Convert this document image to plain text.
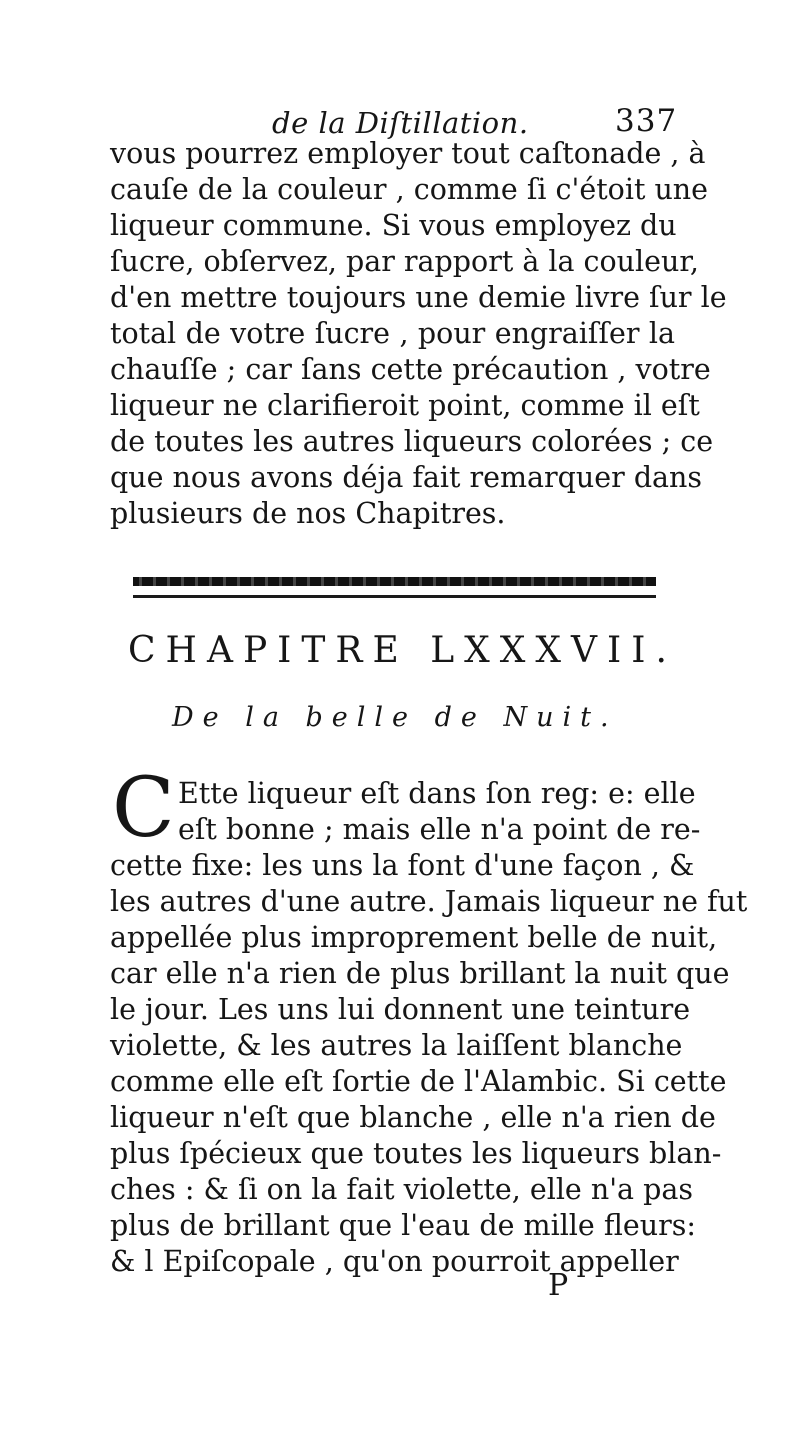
de la Diſtillation.	337
vous pourrez employer tout caſtonade , à
cauſe de la couleur , comme ſi c'étoit une
liqueur commune. Si vous employez du
ſucre, obſervez, par rapport à la couleur,
d'en mettre toujours une demie livre ſur le
total de votre ſucre , pour engraiſſer la
chauſſe ; car ſans cette précaution , votre
liqueur ne clarifieroit point, comme il eſt
de toutes les autres liqueurs colorées ; ce
que nous avons déja fait remarquer dans
plusieurs de nos Chapitres.
CHAPITRE LXXXVII.
De la belle de Nuit.
C Ette liqueur eſt dans ſon reg: e: elle
eſt bonne ; mais elle n'a point de re-
cette fixe: les uns la font d'une façon , &
les autres d'une autre. Jamais liqueur ne fut
appellée plus improprement belle de nuit,
car elle n'a rien de plus brillant la nuit que
le jour. Les uns lui donnent une teinture
violette, & les autres la laiſſent blanche
comme elle eſt ſortie de l'Alambic. Si cette
liqueur n'eſt que blanche , elle n'a rien de
plus ſpécieux que toutes les liqueurs blan-
ches : & ſi on la fait violette, elle n'a pas
plus de brillant que l'eau de mille fleurs:
& l Epiſcopale , qu'on pourroit appeller
P
